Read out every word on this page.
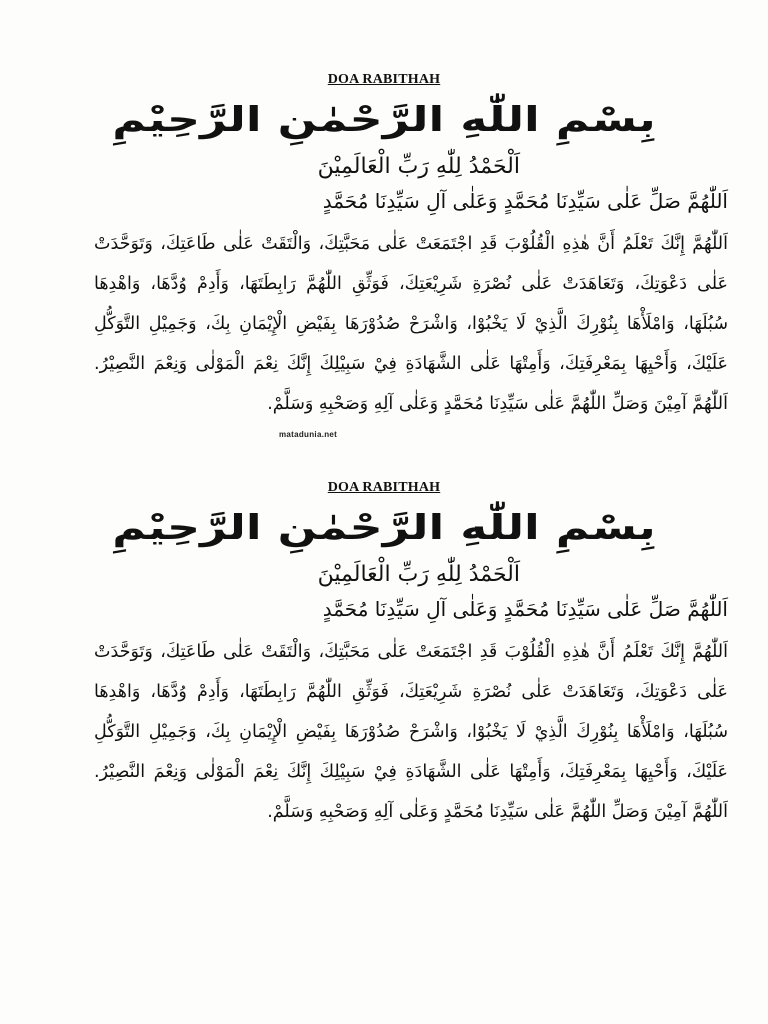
DOA RABITHAH
بِسْمِ اللّٰهِ الرَّحْمٰنِ الرَّحِيْمِ
اَلْحَمْدُ لِلّٰهِ رَبِّ الْعَالَمِيْنَ
اَللّٰهُمَّ صَلِّ عَلٰى سَيِّدِنَا مُحَمَّدٍ وَعَلٰى آلِ سَيِّدِنَا مُحَمَّدٍ
اَللّٰهُمَّ إِنَّكَ تَعْلَمُ أَنَّ هٰذِهِ الْقُلُوْبَ قَدِ اجْتَمَعَتْ عَلٰى مَحَبَّتِكَ، وَالْتَقَتْ عَلٰى طَاعَتِكَ، وَتَوَحَّدَتْ عَلٰى دَعْوَتِكَ، وَتَعَاهَدَتْ عَلٰى نُصْرَةِ شَرِيْعَتِكَ، فَوَثِّقِ اللّٰهُمَّ رَابِطَتَهَا، وَأَدِمْ وُدَّهَا، وَاهْدِهَا سُبُلَهَا، وَامْلَأْهَا بِنُوْرِكَ الَّذِيْ لَا يَخْبُوْا، وَاشْرَحْ صُدُوْرَهَا بِفَيْضِ الْإِيْمَانِ بِكَ، وَجَمِيْلِ التَّوَكُّلِ عَلَيْكَ، وَأَحْيِهَا بِمَعْرِفَتِكَ، وَأَمِتْهَا عَلٰى الشَّهَادَةِ فِيْ سَبِيْلِكَ إِنَّكَ نِعْمَ الْمَوْلٰى وَنِعْمَ النَّصِيْرُ. اَللّٰهُمَّ آمِيْنَ وَصَلِّ اللّٰهُمَّ عَلٰى سَيِّدِنَا مُحَمَّدٍ وَعَلٰى آلِهِ وَصَحْبِهِ وَسَلَّمْ.
matadunia.net
DOA RABITHAH
بِسْمِ اللّٰهِ الرَّحْمٰنِ الرَّحِيْمِ
اَلْحَمْدُ لِلّٰهِ رَبِّ الْعَالَمِيْنَ
اَللّٰهُمَّ صَلِّ عَلٰى سَيِّدِنَا مُحَمَّدٍ وَعَلٰى آلِ سَيِّدِنَا مُحَمَّدٍ
اَللّٰهُمَّ إِنَّكَ تَعْلَمُ أَنَّ هٰذِهِ الْقُلُوْبَ قَدِ اجْتَمَعَتْ عَلٰى مَحَبَّتِكَ، وَالْتَقَتْ عَلٰى طَاعَتِكَ، وَتَوَحَّدَتْ عَلٰى دَعْوَتِكَ، وَتَعَاهَدَتْ عَلٰى نُصْرَةِ شَرِيْعَتِكَ، فَوَثِّقِ اللّٰهُمَّ رَابِطَتَهَا، وَأَدِمْ وُدَّهَا، وَاهْدِهَا سُبُلَهَا، وَامْلَأْهَا بِنُوْرِكَ الَّذِيْ لَا يَخْبُوْا، وَاشْرَحْ صُدُوْرَهَا بِفَيْضِ الْإِيْمَانِ بِكَ، وَجَمِيْلِ التَّوَكُّلِ عَلَيْكَ، وَأَحْيِهَا بِمَعْرِفَتِكَ، وَأَمِتْهَا عَلٰى الشَّهَادَةِ فِيْ سَبِيْلِكَ إِنَّكَ نِعْمَ الْمَوْلٰى وَنِعْمَ النَّصِيْرُ. اَللّٰهُمَّ آمِيْنَ وَصَلِّ اللّٰهُمَّ عَلٰى سَيِّدِنَا مُحَمَّدٍ وَعَلٰى آلِهِ وَصَحْبِهِ وَسَلَّمْ.
